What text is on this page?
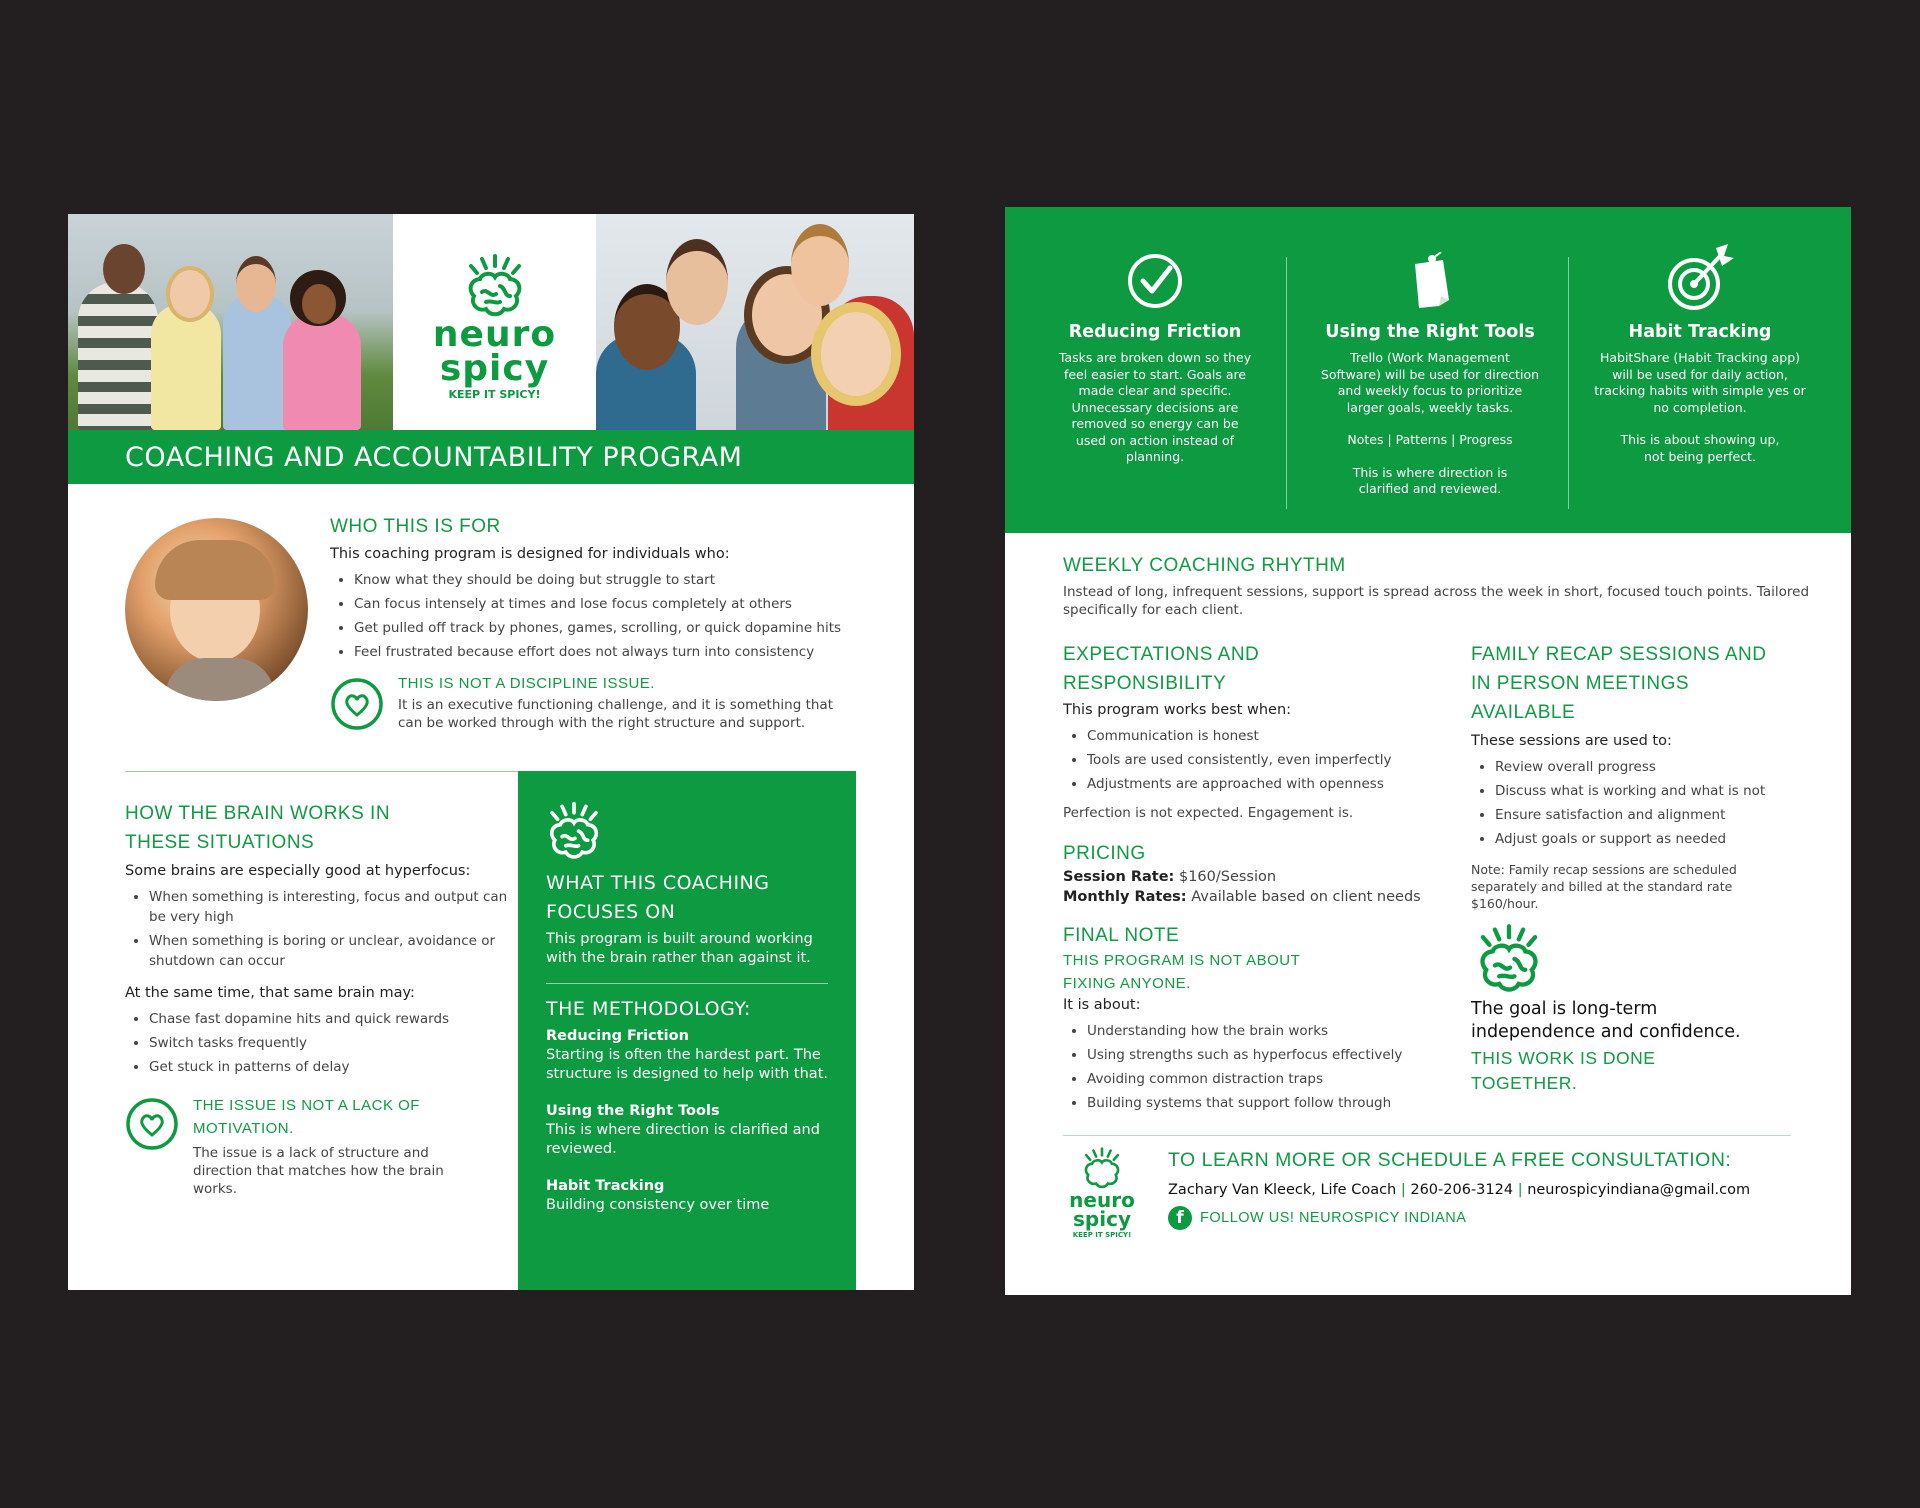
neuro
spicy
KEEP IT SPICY!
COACHING AND ACCOUNTABILITY PROGRAM
WHO THIS IS FOR
This coaching program is designed for individuals who:
• Know what they should be doing but struggle to start
• Can focus intensely at times and lose focus completely at others
• Get pulled off track by phones, games, scrolling, or quick dopamine hits
• Feel frustrated because effort does not always turn into consistency
THIS IS NOT A DISCIPLINE ISSUE.
It is an executive functioning challenge, and it is something that can be worked through with the right structure and support.
HOW THE BRAIN WORKS IN THESE SITUATIONS
Some brains are especially good at hyperfocus:
• When something is interesting, focus and output can be very high
• When something is boring or unclear, avoidance or shutdown can occur
At the same time, that same brain may:
• Chase fast dopamine hits and quick rewards
• Switch tasks frequently
• Get stuck in patterns of delay
THE ISSUE IS NOT A LACK OF MOTIVATION.
The issue is a lack of structure and direction that matches how the brain works.
WHAT THIS COACHING FOCUSES ON
This program is built around working with the brain rather than against it.
THE METHODOLOGY:
Reducing Friction
Starting is often the hardest part. The structure is designed to help with that.
Using the Right Tools
This is where direction is clarified and reviewed.
Habit Tracking
Building consistency over time
Reducing Friction
Tasks are broken down so they feel easier to start. Goals are made clear and specific. Unnecessary decisions are removed so energy can be used on action instead of planning.
Using the Right Tools
Trello (Work Management Software) will be used for direction and weekly focus to prioritize larger goals, weekly tasks.
Notes | Patterns | Progress
This is where direction is clarified and reviewed.
Habit Tracking
HabitShare (Habit Tracking app) will be used for daily action, tracking habits with simple yes or no completion.
This is about showing up, not being perfect.
WEEKLY COACHING RHYTHM
Instead of long, infrequent sessions, support is spread across the week in short, focused touch points. Tailored specifically for each client.
EXPECTATIONS AND RESPONSIBILITY
This program works best when:
• Communication is honest
• Tools are used consistently, even imperfectly
• Adjustments are approached with openness
Perfection is not expected. Engagement is.
PRICING
Session Rate: $160/Session
Monthly Rates: Available based on client needs
FINAL NOTE
THIS PROGRAM IS NOT ABOUT FIXING ANYONE.
It is about:
• Understanding how the brain works
• Using strengths such as hyperfocus effectively
• Avoiding common distraction traps
• Building systems that support follow through
FAMILY RECAP SESSIONS AND IN PERSON MEETINGS AVAILABLE
These sessions are used to:
• Review overall progress
• Discuss what is working and what is not
• Ensure satisfaction and alignment
• Adjust goals or support as needed
Note: Family recap sessions are scheduled separately and billed at the standard rate $160/hour.
The goal is long-term independence and confidence.
THIS WORK IS DONE TOGETHER.
neuro
spicy
KEEP IT SPICY!
TO LEARN MORE OR SCHEDULE A FREE CONSULTATION:
Zachary Van Kleeck, Life Coach | 260-206-3124 | neurospicyindiana@gmail.com
f	FOLLOW US! NEUROSPICY INDIANA
